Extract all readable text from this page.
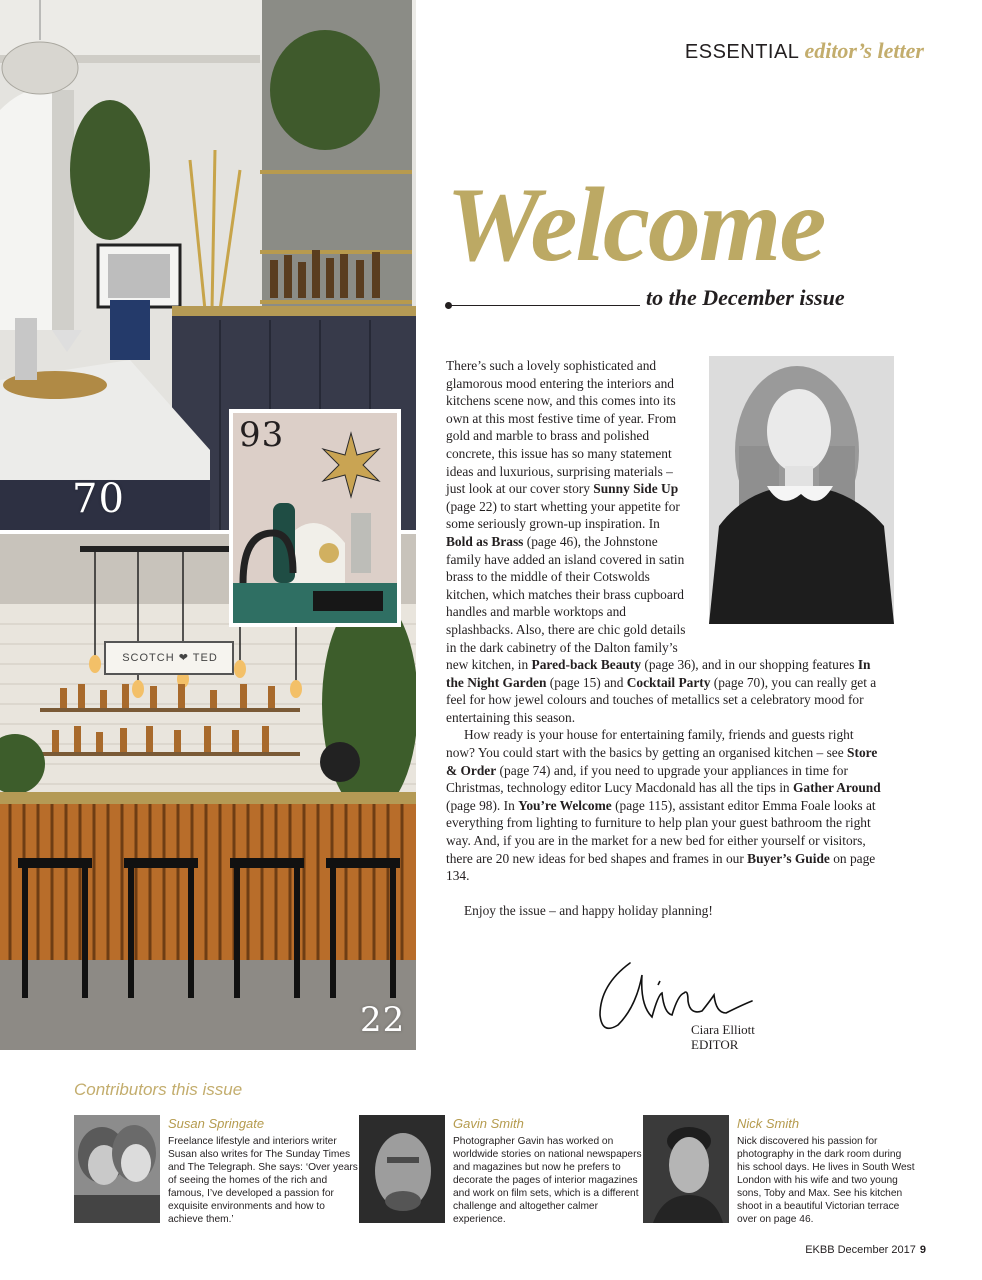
70
SCOTCH ❤ TED
22
93
ESSENTIAL editor’s letter
Welcome
to the December issue

There’s such a lovely sophisticated and glamorous mood entering the interiors and kitchens scene now, and this comes into its own at this most festive time of year. From gold and marble to brass and polished concrete, this issue has so many statement ideas and luxurious, surprising materials – just look at our cover story Sunny Side Up (page 22) to start whetting your appetite for some seriously grown-up inspiration. In Bold as Brass (page 46), the Johnstone family have added an island covered in satin brass to the middle of their Cotswolds kitchen, which matches their brass cupboard handles and marble worktops and splashbacks. Also, there are chic gold details in the dark cabinetry of the Dalton family’s new kitchen, in Pared-back Beauty (page 36), and in our shopping features In the Night Garden (page 15) and Cocktail Party (page 70), you can really get a feel for how jewel colours and touches of metallics set a celebratory mood for entertaining this season.

How ready is your house for entertaining family, friends and guests right now? You could start with the basics by getting an organised kitchen – see Store & Order (page 74) and, if you need to upgrade your appliances in time for Christmas, technology editor Lucy Macdonald has all the tips in Gather Around (page 98). In You’re Welcome (page 115), assistant editor Emma Foale looks at everything from lighting to furniture to help plan your guest bathroom the right way. And, if you are in the market for a new bed for either yourself or visitors, there are 20 new ideas for bed shapes and frames in our Buyer’s Guide on page 134.

Enjoy the issue – and happy holiday planning!

Ciara Elliott
EDITOR
Contributors this issue
Susan Springate
Freelance lifestyle and interiors writer Susan also writes for The Sunday Times and The Telegraph. She says: ‘Over years of seeing the homes of the rich and famous, I’ve developed a passion for exquisite environments and how to achieve them.’
Gavin Smith
Photographer Gavin has worked on worldwide stories on national newspapers and magazines but now he prefers to decorate the pages of interior magazines and work on film sets, which is a different challenge and altogether calmer experience.
Nick Smith
Nick discovered his passion for photography in the dark room during his school days. He lives in South West London with his wife and two young sons, Toby and Max. See his kitchen shoot in a beautiful Victorian terrace over on page 46.
EKBB December 2017 9
